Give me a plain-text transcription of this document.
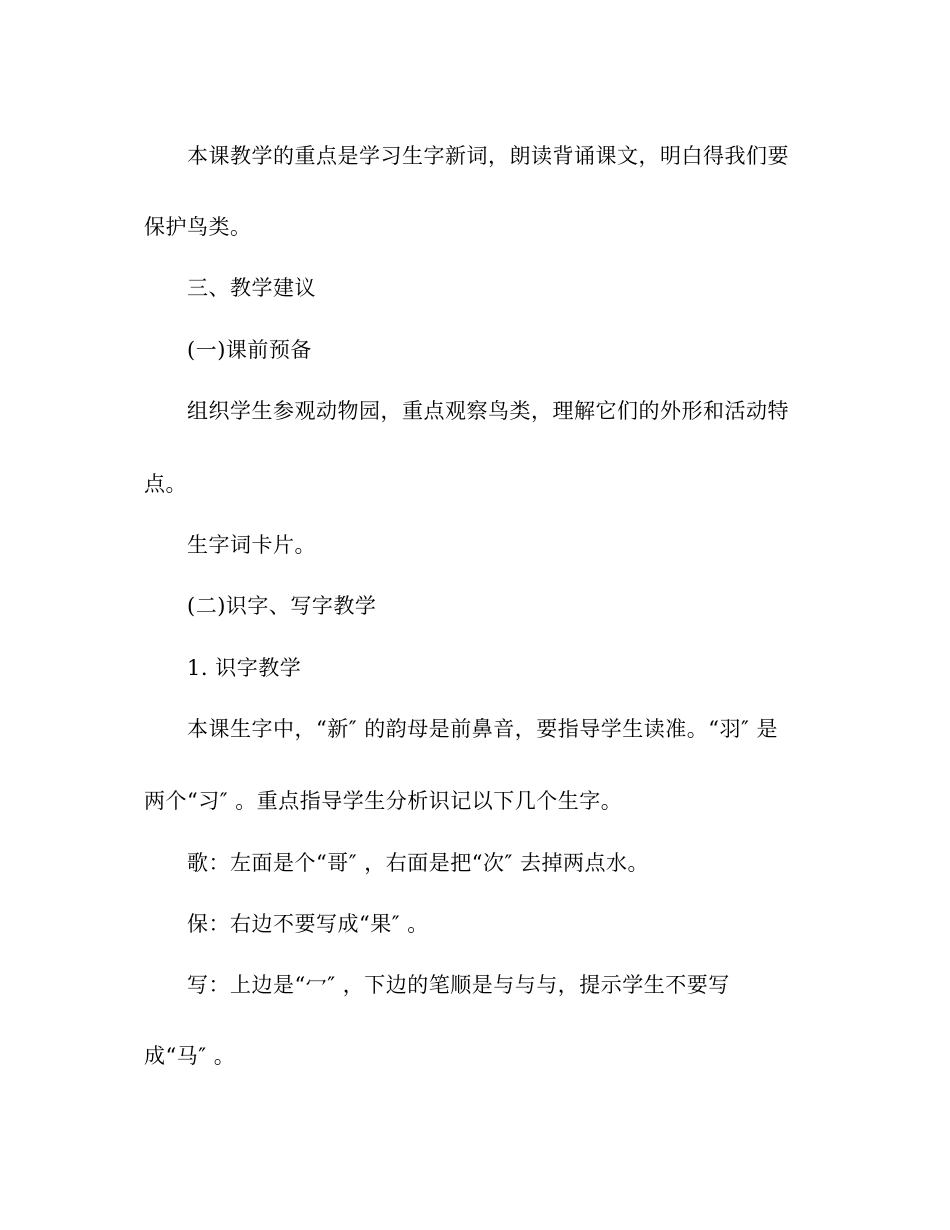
本课教学的重点是学习生字新词，朗读背诵课文，明白得我们要
保护鸟类。
三、教学建议
(一)课前预备
组织学生参观动物园，重点观察鸟类，理解它们的外形和活动特
点。
生字词卡片。
(二)识字、写字教学
1. 识字教学
本课生字中，“新″ 的韵母是前鼻音，要指导学生读准。“羽″ 是
两个“习″ 。重点指导学生分析识记以下几个生字。
歌：左面是个“哥″ ，右面是把“次″ 去掉两点水。
保：右边不要写成“果″ 。
写：上边是“冖″ ，下边的笔顺是与与与，提示学生不要写
成“马″ 。
